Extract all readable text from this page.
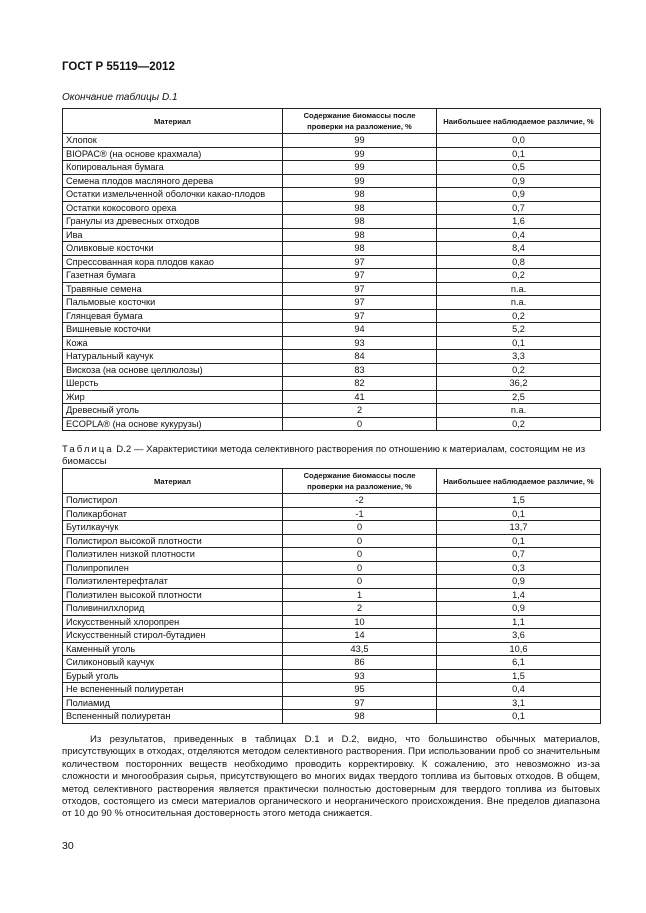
ГОСТ Р 55119—2012
Окончание таблицы D.1
Материал	Содержание биомассы после проверки на разложение, %	Наибольшее наблюдаемое различие, %
Хлопок	99	0,0
BIOPAC® (на основе крахмала)	99	0,1
Копировальная бумага	99	0,5
Семена плодов масляного дерева	99	0,9
Остатки измельченной оболочки какао-плодов	98	0,9
Остатки кокосового ореха	98	0,7
Гранулы из древесных отходов	98	1,6
Ива	98	0,4
Оливковые косточки	98	8,4
Спрессованная кора плодов какао	97	0,8
Газетная бумага	97	0,2
Травяные семена	97	n.a.
Пальмовые косточки	97	n.a.
Глянцевая бумага	97	0,2
Вишневые косточки	94	5,2
Кожа	93	0,1
Натуральный каучук	84	3,3
Вискоза (на основе целлюлозы)	83	0,2
Шерсть	82	36,2
Жир	41	2,5
Древесный уголь	2	n.a.
ECOPLA® (на основе кукурузы)	0	0,2
Таблица D.2 — Характеристики метода селективного растворения по отношению к материалам, состоящим не из биомассы
Материал	Содержание биомассы после проверки на разложение, %	Наибольшее наблюдаемое различие, %
Полистирол	-2	1,5
Поликарбонат	-1	0,1
Бутилкаучук	0	13,7
Полистирол высокой плотности	0	0,1
Полиэтилен низкой плотности	0	0,7
Полипропилен	0	0,3
Полиэтилентерефталат	0	0,9
Полиэтилен высокой плотности	1	1,4
Поливинилхлорид	2	0,9
Искусственный хлоропрен	10	1,1
Искусственный стирол-бутадиен	14	3,6
Каменный уголь	43,5	10,6
Силиконовый каучук	86	6,1
Бурый уголь	93	1,5
Не вспененный полиуретан	95	0,4
Полиамид	97	3,1
Вспененный полиуретан	98	0,1

Из результатов, приведенных в таблицах D.1 и D.2, видно, что большинство обычных материалов, присутствующих в отходах, отделяются методом селективного растворения. При использовании проб со значительным количеством посторонних веществ необходимо проводить корректировку. К сожалению, это невозможно из-за сложности и многообразия сырья, присутствующего во многих видах твердого топлива из бытовых отходов. В общем, метод селективного растворения является практически полностью достоверным для твердого топлива из бытовых отходов, состоящего из смеси материалов органического и неорганического происхождения. Вне пределов диапазона от 10 до 90 % относительная достоверность этого метода снижается.

30
